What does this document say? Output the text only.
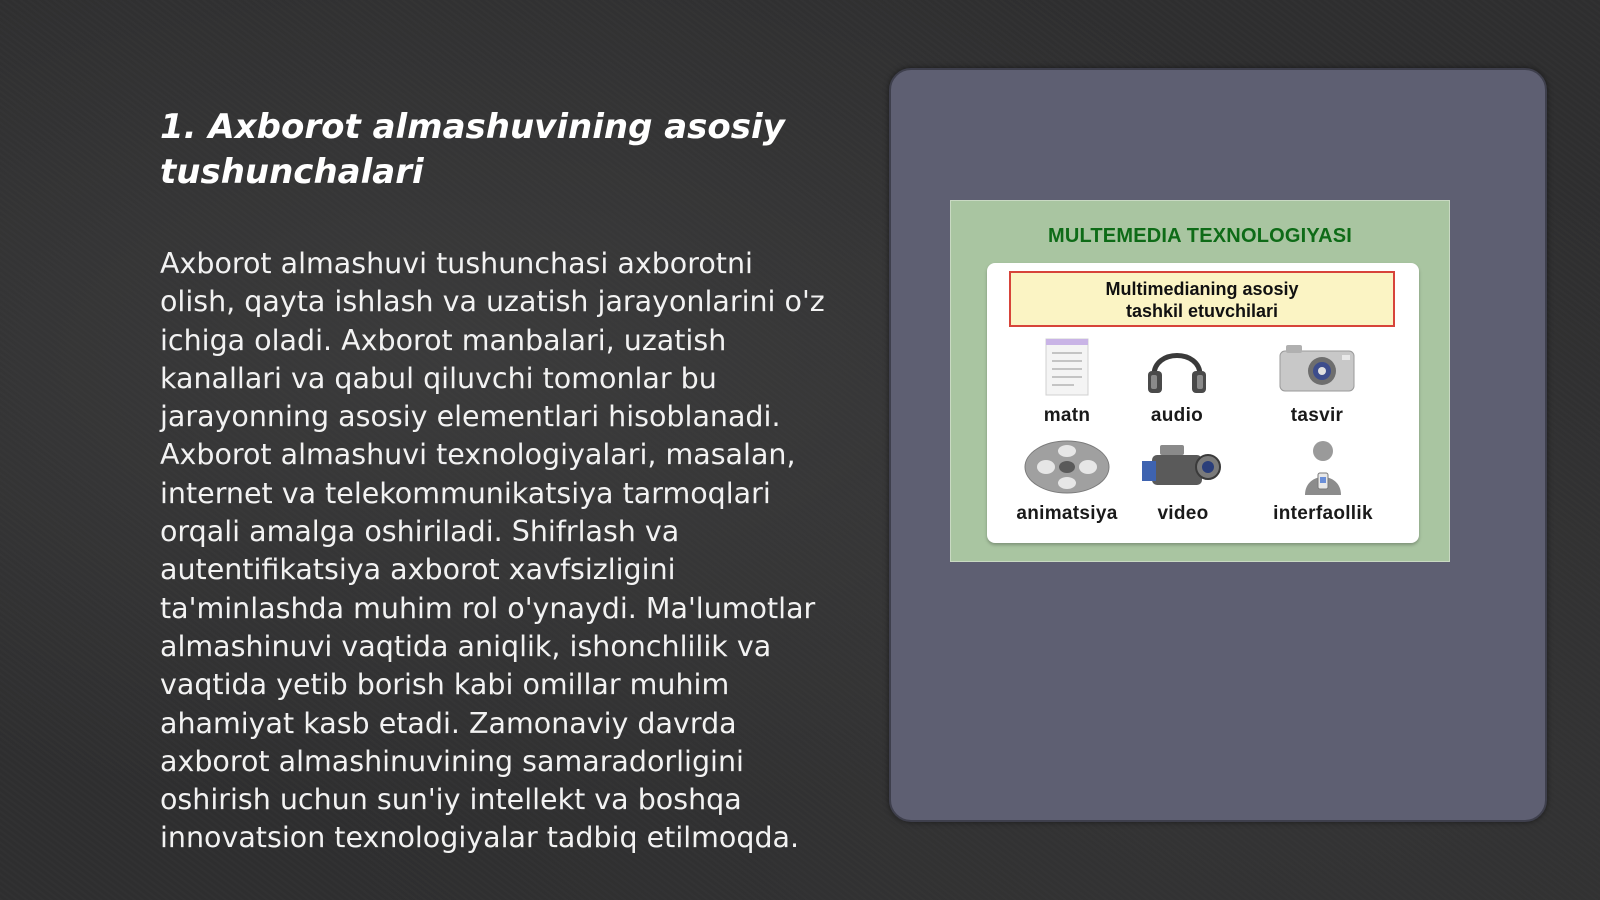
1. Axborot almashuvining asosiy tushunchalari

Axborot almashuvi tushunchasi axborotni olish, qayta ishlash va uzatish jarayonlarini o'z ichiga oladi. Axborot manbalari, uzatish kanallari va qabul qiluvchi tomonlar bu jarayonning asosiy elementlari hisoblanadi. Axborot almashuvi texnologiyalari, masalan, internet va telekommunikatsiya tarmoqlari orqali amalga oshiriladi. Shifrlash va autentifikatsiya axborot xavfsizligini ta'minlashda muhim rol o'ynaydi. Ma'lumotlar almashinuvi vaqtida aniqlik, ishonchlilik va vaqtida yetib borish kabi omillar muhim ahamiyat kasb etadi. Zamonaviy davrda axborot almashinuvining samaradorligini oshirish uchun sun'iy intellekt va boshqa innovatsion texnologiyalar tadbiq etilmoqda.

MULTEMEDIA TEXNOLOGIYASI
Multimedianing asosiy
tashkil etuvchilari
matn	audio	tasvir
animatsiya	video	interfaollik
